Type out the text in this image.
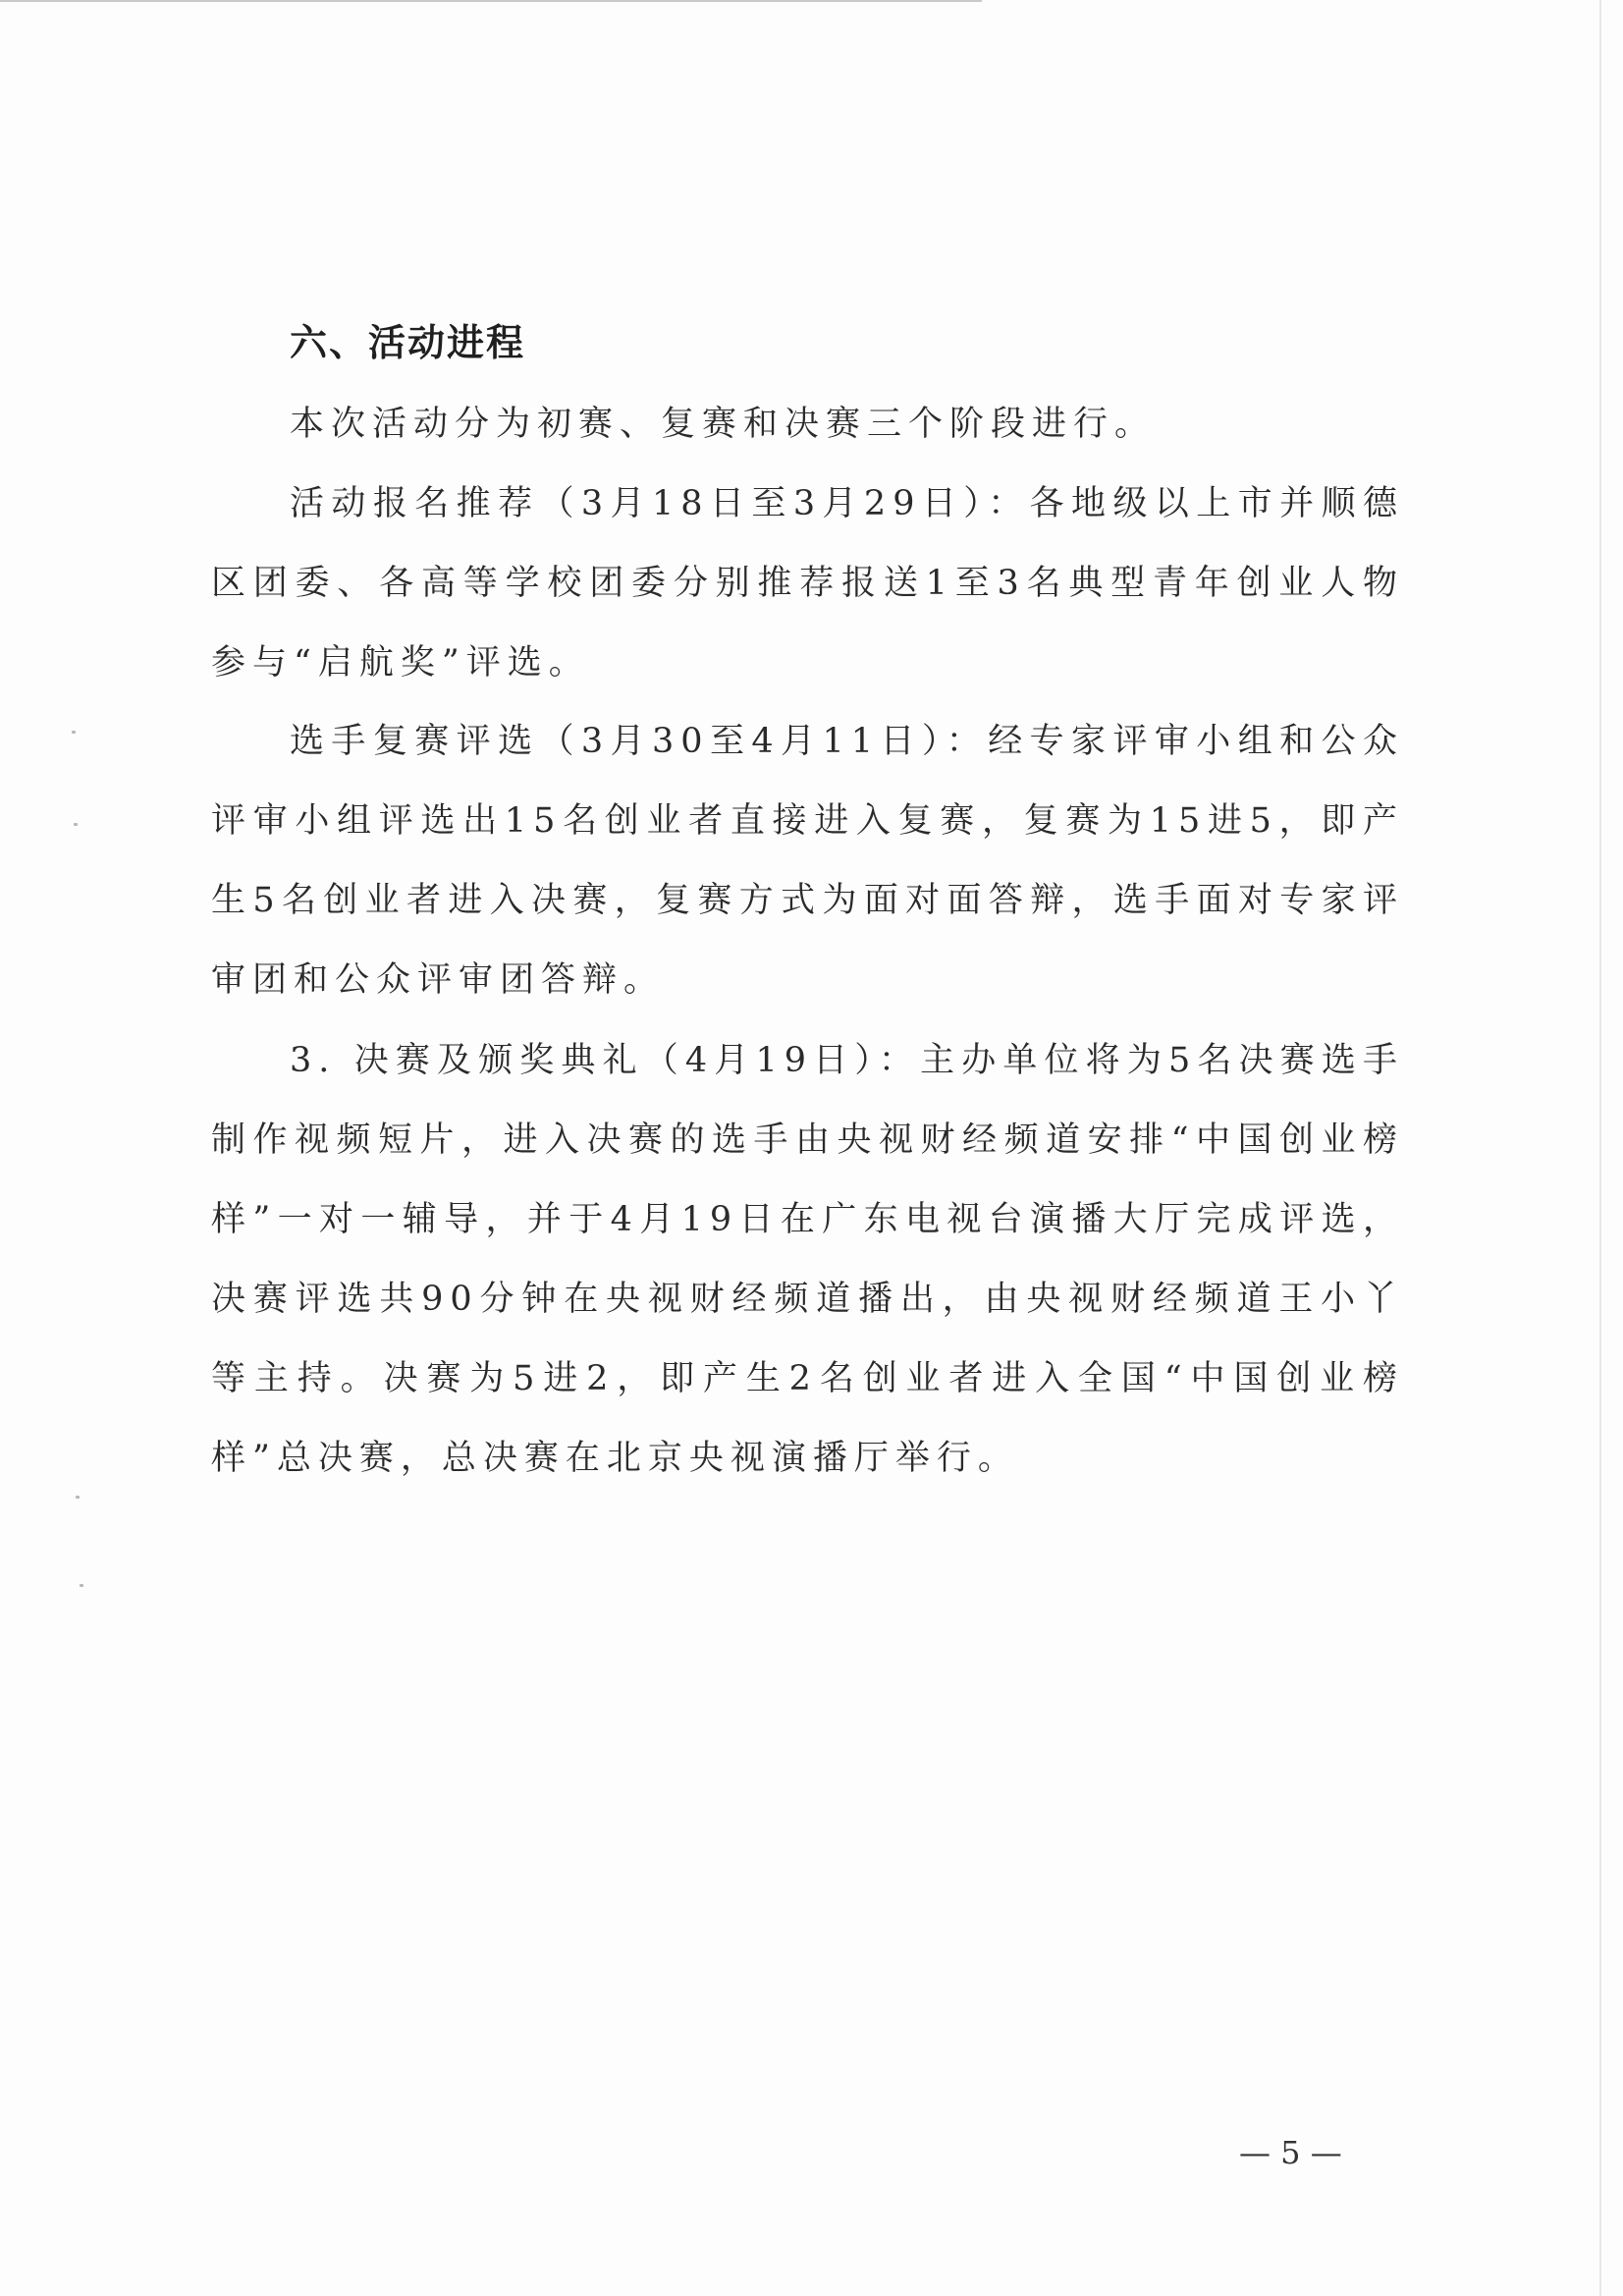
六、活动进程

本次活动分为初赛、复赛和决赛三个阶段进行。

活动报名推荐（3月18日至3月29日）：各地级以上市并顺德区团委、各高等学校团委分别推荐报送1至3名典型青年创业人物参与“启航奖”评选。

选手复赛评选（3月30至4月11日）：经专家评审小组和公众评审小组评选出15名创业者直接进入复赛，复赛为15进5，即产生5名创业者进入决赛，复赛方式为面对面答辩，选手面对专家评审团和公众评审团答辩。

3. 决赛及颁奖典礼（4月19日）：主办单位将为5名决赛选手制作视频短片，进入决赛的选手由央视财经频道安排“中国创业榜样”一对一辅导，并于4月19日在广东电视台演播大厅完成评选，决赛评选共90分钟在央视财经频道播出，由央视财经频道王小丫等主持。决赛为5进2，即产生2名创业者进入全国“中国创业榜样”总决赛，总决赛在北京央视演播厅举行。

— 5 —
